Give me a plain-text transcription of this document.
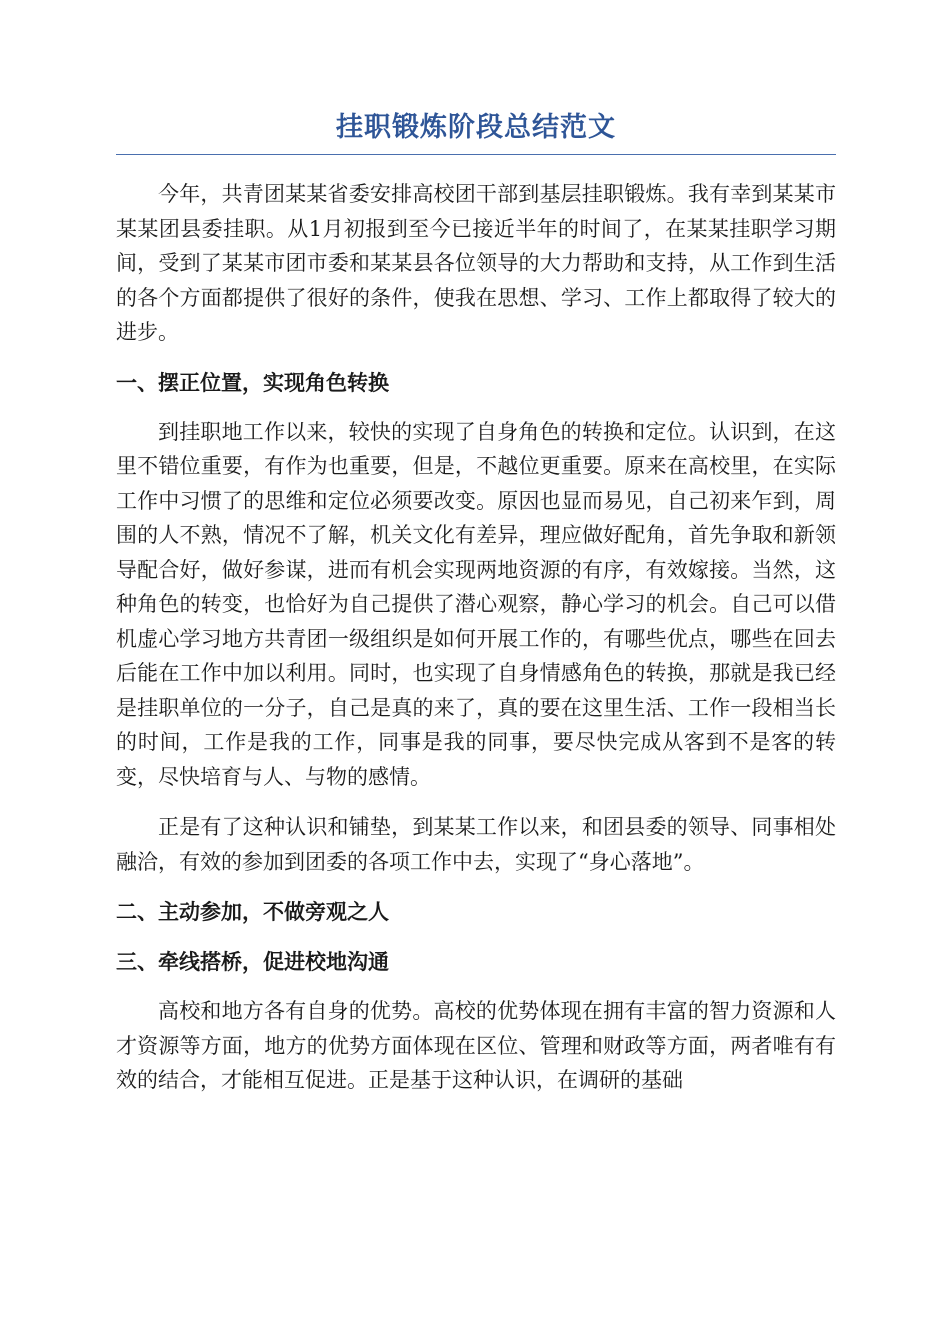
挂职锻炼阶段总结范文

今年，共青团某某省委安排高校团干部到基层挂职锻炼。我有幸到某某市某某团县委挂职。从1月初报到至今已接近半年的时间了，在某某挂职学习期间，受到了某某市团市委和某某县各位领导的大力帮助和支持，从工作到生活的各个方面都提供了很好的条件，使我在思想、学习、工作上都取得了较大的进步。

一、摆正位置，实现角色转换

到挂职地工作以来，较快的实现了自身角色的转换和定位。认识到，在这里不错位重要，有作为也重要，但是，不越位更重要。原来在高校里，在实际工作中习惯了的思维和定位必须要改变。原因也显而易见，自己初来乍到，周围的人不熟，情况不了解，机关文化有差异，理应做好配角，首先争取和新领导配合好，做好参谋，进而有机会实现两地资源的有序，有效嫁接。当然，这种角色的转变，也恰好为自己提供了潜心观察，静心学习的机会。自己可以借机虚心学习地方共青团一级组织是如何开展工作的，有哪些优点，哪些在回去后能在工作中加以利用。同时，也实现了自身情感角色的转换，那就是我已经是挂职单位的一分子，自己是真的来了，真的要在这里生活、工作一段相当长的时间，工作是我的工作，同事是我的同事，要尽快完成从客到不是客的转变，尽快培育与人、与物的感情。

正是有了这种认识和铺垫，到某某工作以来，和团县委的领导、同事相处融洽，有效的参加到团委的各项工作中去，实现了“身心落地”。

二、主动参加，不做旁观之人
三、牵线搭桥，促进校地沟通

高校和地方各有自身的优势。高校的优势体现在拥有丰富的智力资源和人才资源等方面，地方的优势方面体现在区位、管理和财政等方面，两者唯有有效的结合，才能相互促进。正是基于这种认识，在调研的基础
